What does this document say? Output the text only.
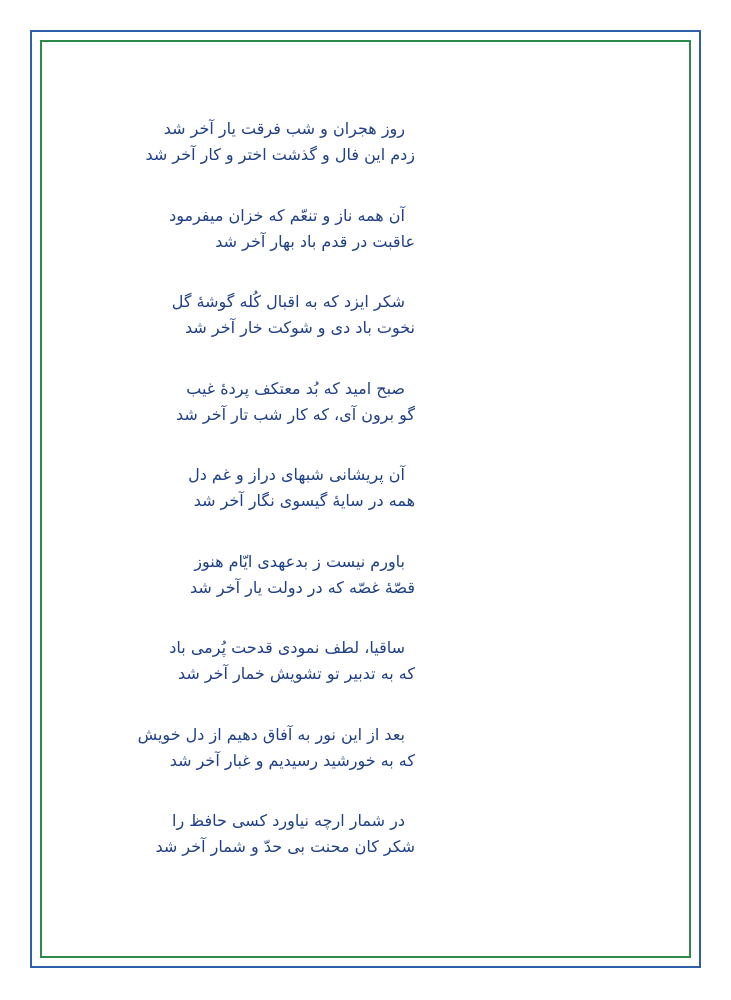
روز هجران و شب فرقت یار آخر شد
زدم این فال و گذشت اختر و کار آخر شد
آن همه ناز و تنعّم که خزان میفرمود
عاقبت در قدم باد بهار آخر شد
شکر ایزد که به اقبال کُله گوشهٔ گل
نخوت باد دی و شوکت خار آخر شد
صبح امید که بُد معتکف پردهٔ غیب
گو برون آی، که کار شب تار آخر شد
آن پریشانی شبهای دراز و غم دل
همه در سایهٔ گیسوی نگار آخر شد
باورم نیست ز بدعهدی ایّام هنوز
قصّهٔ غصّه که در دولت یار آخر شد
ساقیا، لطف نمودی قدحت پُرمی باد
که به تدبیر تو تشویش خمار آخر شد
بعد از این نور به آفاق دهیم از دل خویش
که به خورشید رسیدیم و غبار آخر شد
در شمار ارچه نیاورد کسی حافظ را
شکر کان محنت بی حدّ و شمار آخر شد
